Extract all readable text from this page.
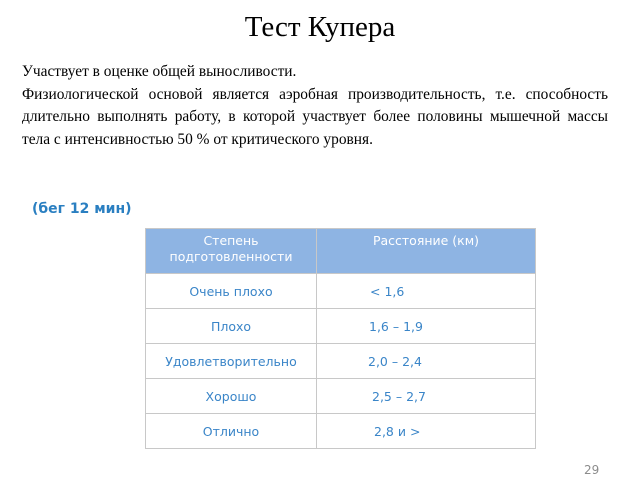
Тест Купера

Участвует в оценке общей выносливости.

Физиологической основой является аэробная производительность, т.е. способность длительно выполнять работу, в которой участвует более половины мышечной массы тела с интенсивностью 50 % от критического уровня.

(бег 12 мин)
Степень подготовленности	Расстояние (км)
Очень плохо	< 1,6
Плохо	1,6 – 1,9
Удовлетворительно	2,0 – 2,4
Хорошо	2,5 – 2,7
Отлично	2,8 и >
29
